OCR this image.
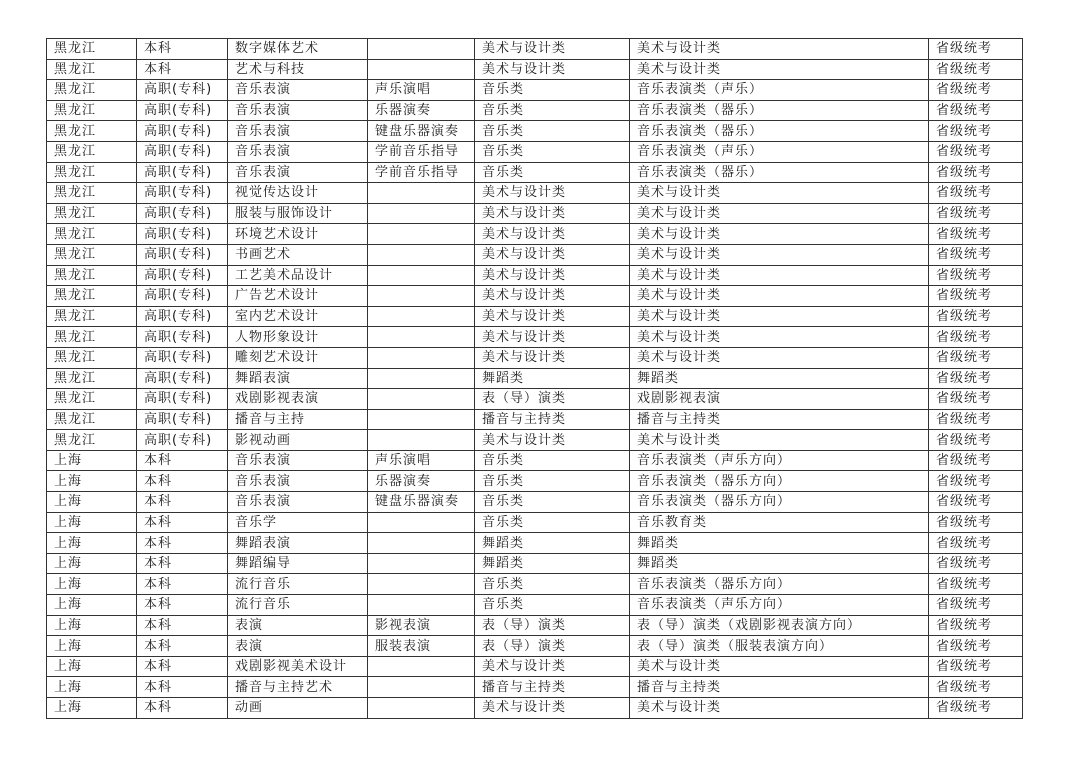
黑龙江	本科	数字媒体艺术		美术与设计类	美术与设计类	省级统考
黑龙江	本科	艺术与科技		美术与设计类	美术与设计类	省级统考
黑龙江	高职(专科)	音乐表演	声乐演唱	音乐类	音乐表演类（声乐）	省级统考
黑龙江	高职(专科)	音乐表演	乐器演奏	音乐类	音乐表演类（器乐）	省级统考
黑龙江	高职(专科)	音乐表演	键盘乐器演奏	音乐类	音乐表演类（器乐）	省级统考
黑龙江	高职(专科)	音乐表演	学前音乐指导	音乐类	音乐表演类（声乐）	省级统考
黑龙江	高职(专科)	音乐表演	学前音乐指导	音乐类	音乐表演类（器乐）	省级统考
黑龙江	高职(专科)	视觉传达设计		美术与设计类	美术与设计类	省级统考
黑龙江	高职(专科)	服装与服饰设计		美术与设计类	美术与设计类	省级统考
黑龙江	高职(专科)	环境艺术设计		美术与设计类	美术与设计类	省级统考
黑龙江	高职(专科)	书画艺术		美术与设计类	美术与设计类	省级统考
黑龙江	高职(专科)	工艺美术品设计		美术与设计类	美术与设计类	省级统考
黑龙江	高职(专科)	广告艺术设计		美术与设计类	美术与设计类	省级统考
黑龙江	高职(专科)	室内艺术设计		美术与设计类	美术与设计类	省级统考
黑龙江	高职(专科)	人物形象设计		美术与设计类	美术与设计类	省级统考
黑龙江	高职(专科)	雕刻艺术设计		美术与设计类	美术与设计类	省级统考
黑龙江	高职(专科)	舞蹈表演		舞蹈类	舞蹈类	省级统考
黑龙江	高职(专科)	戏剧影视表演		表（导）演类	戏剧影视表演	省级统考
黑龙江	高职(专科)	播音与主持		播音与主持类	播音与主持类	省级统考
黑龙江	高职(专科)	影视动画		美术与设计类	美术与设计类	省级统考
上海	本科	音乐表演	声乐演唱	音乐类	音乐表演类（声乐方向）	省级统考
上海	本科	音乐表演	乐器演奏	音乐类	音乐表演类（器乐方向）	省级统考
上海	本科	音乐表演	键盘乐器演奏	音乐类	音乐表演类（器乐方向）	省级统考
上海	本科	音乐学		音乐类	音乐教育类	省级统考
上海	本科	舞蹈表演		舞蹈类	舞蹈类	省级统考
上海	本科	舞蹈编导		舞蹈类	舞蹈类	省级统考
上海	本科	流行音乐		音乐类	音乐表演类（器乐方向）	省级统考
上海	本科	流行音乐		音乐类	音乐表演类（声乐方向）	省级统考
上海	本科	表演	影视表演	表（导）演类	表（导）演类（戏剧影视表演方向）	省级统考
上海	本科	表演	服装表演	表（导）演类	表（导）演类（服装表演方向）	省级统考
上海	本科	戏剧影视美术设计		美术与设计类	美术与设计类	省级统考
上海	本科	播音与主持艺术		播音与主持类	播音与主持类	省级统考
上海	本科	动画		美术与设计类	美术与设计类	省级统考
